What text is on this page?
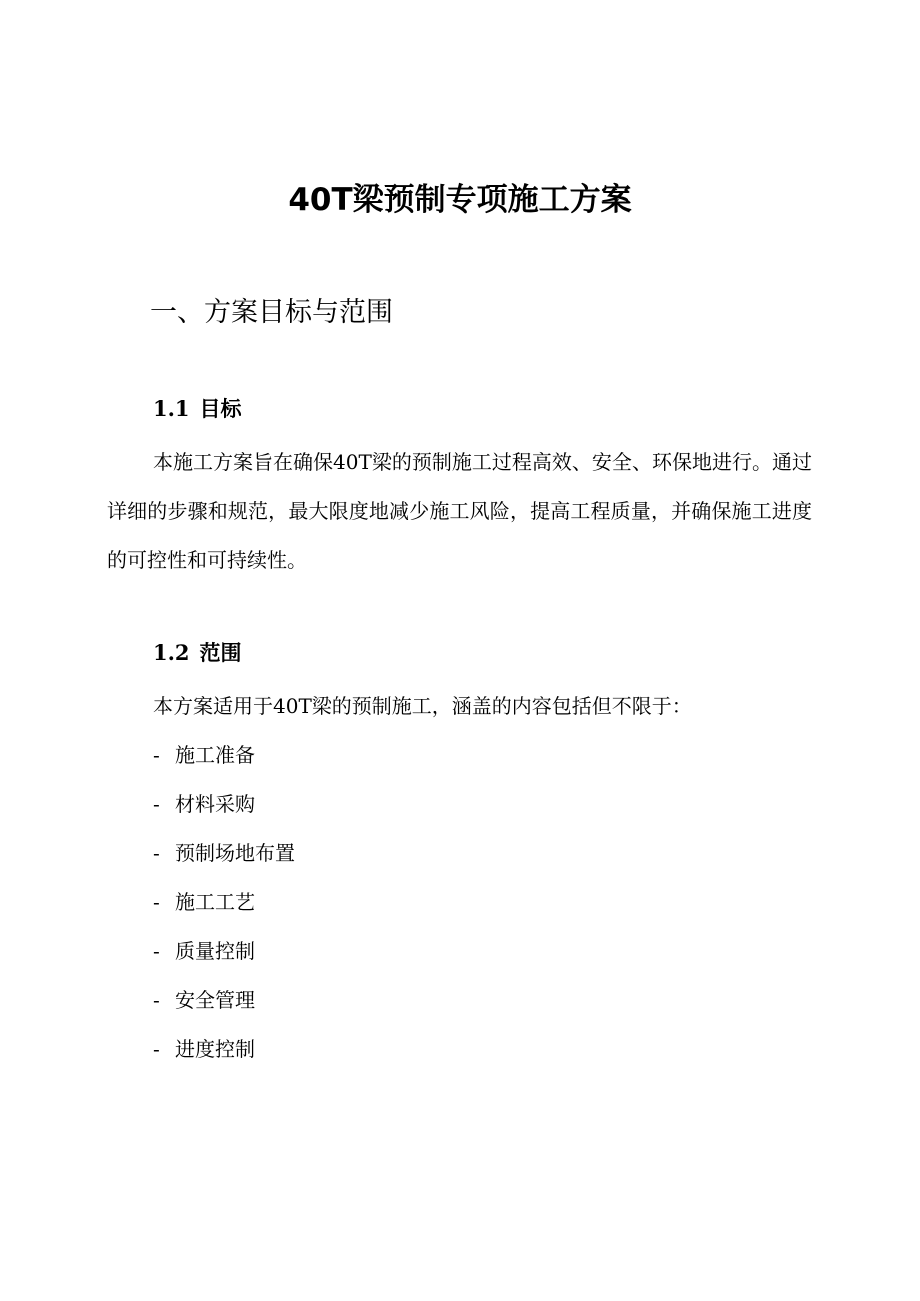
40T梁预制专项施工方案
一、方案目标与范围
1.1 目标

本施工方案旨在确保40T梁的预制施工过程高效、安全、环保地进行。通过详细的步骤和规范，最大限度地减少施工风险，提高工程质量，并确保施工进度的可控性和可持续性。

1.2 范围

本方案适用于40T梁的预制施工，涵盖的内容包括但不限于：

- 施工准备
- 材料采购
- 预制场地布置
- 施工工艺
- 质量控制
- 安全管理
- 进度控制
